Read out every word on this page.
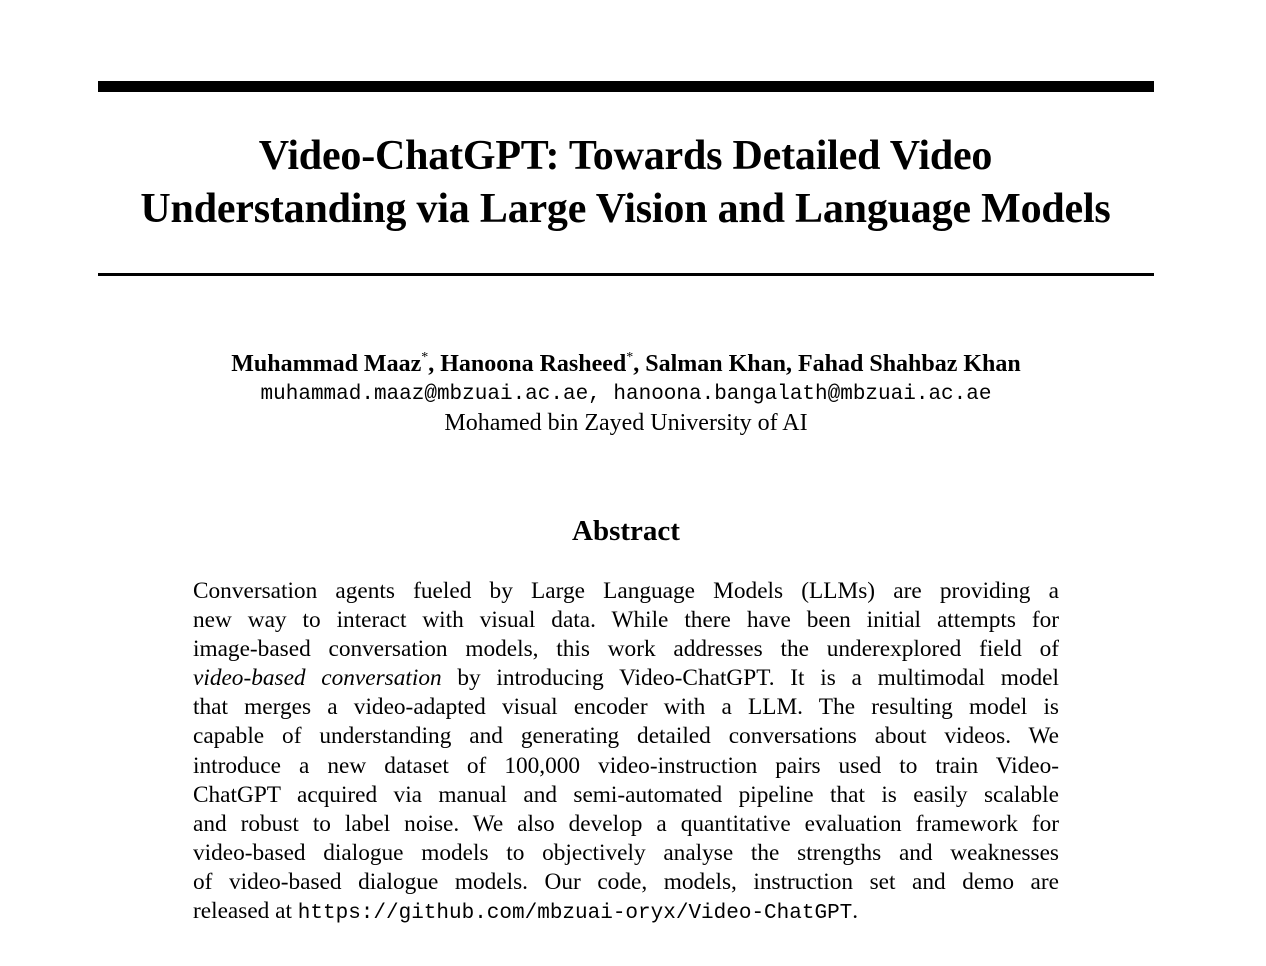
Video-ChatGPT: Towards Detailed Video
Understanding via Large Vision and Language Models
Muhammad Maaz*, Hanoona Rasheed*, Salman Khan, Fahad Shahbaz Khan
muhammad.maaz@mbzuai.ac.ae, hanoona.bangalath@mbzuai.ac.ae
Mohamed bin Zayed University of AI
Abstract
Conversation agents fueled by Large Language Models (LLMs) are providing a
new way to interact with visual data. While there have been initial attempts for
image-based conversation models, this work addresses the underexplored field of
video-based conversation by introducing Video-ChatGPT. It is a multimodal model
that merges a video-adapted visual encoder with a LLM. The resulting model is
capable of understanding and generating detailed conversations about videos. We
introduce a new dataset of 100,000 video-instruction pairs used to train Video-
ChatGPT acquired via manual and semi-automated pipeline that is easily scalable
and robust to label noise. We also develop a quantitative evaluation framework for
video-based dialogue models to objectively analyse the strengths and weaknesses
of video-based dialogue models. Our code, models, instruction set and demo are
released at https://github.com/mbzuai-oryx/Video-ChatGPT.
